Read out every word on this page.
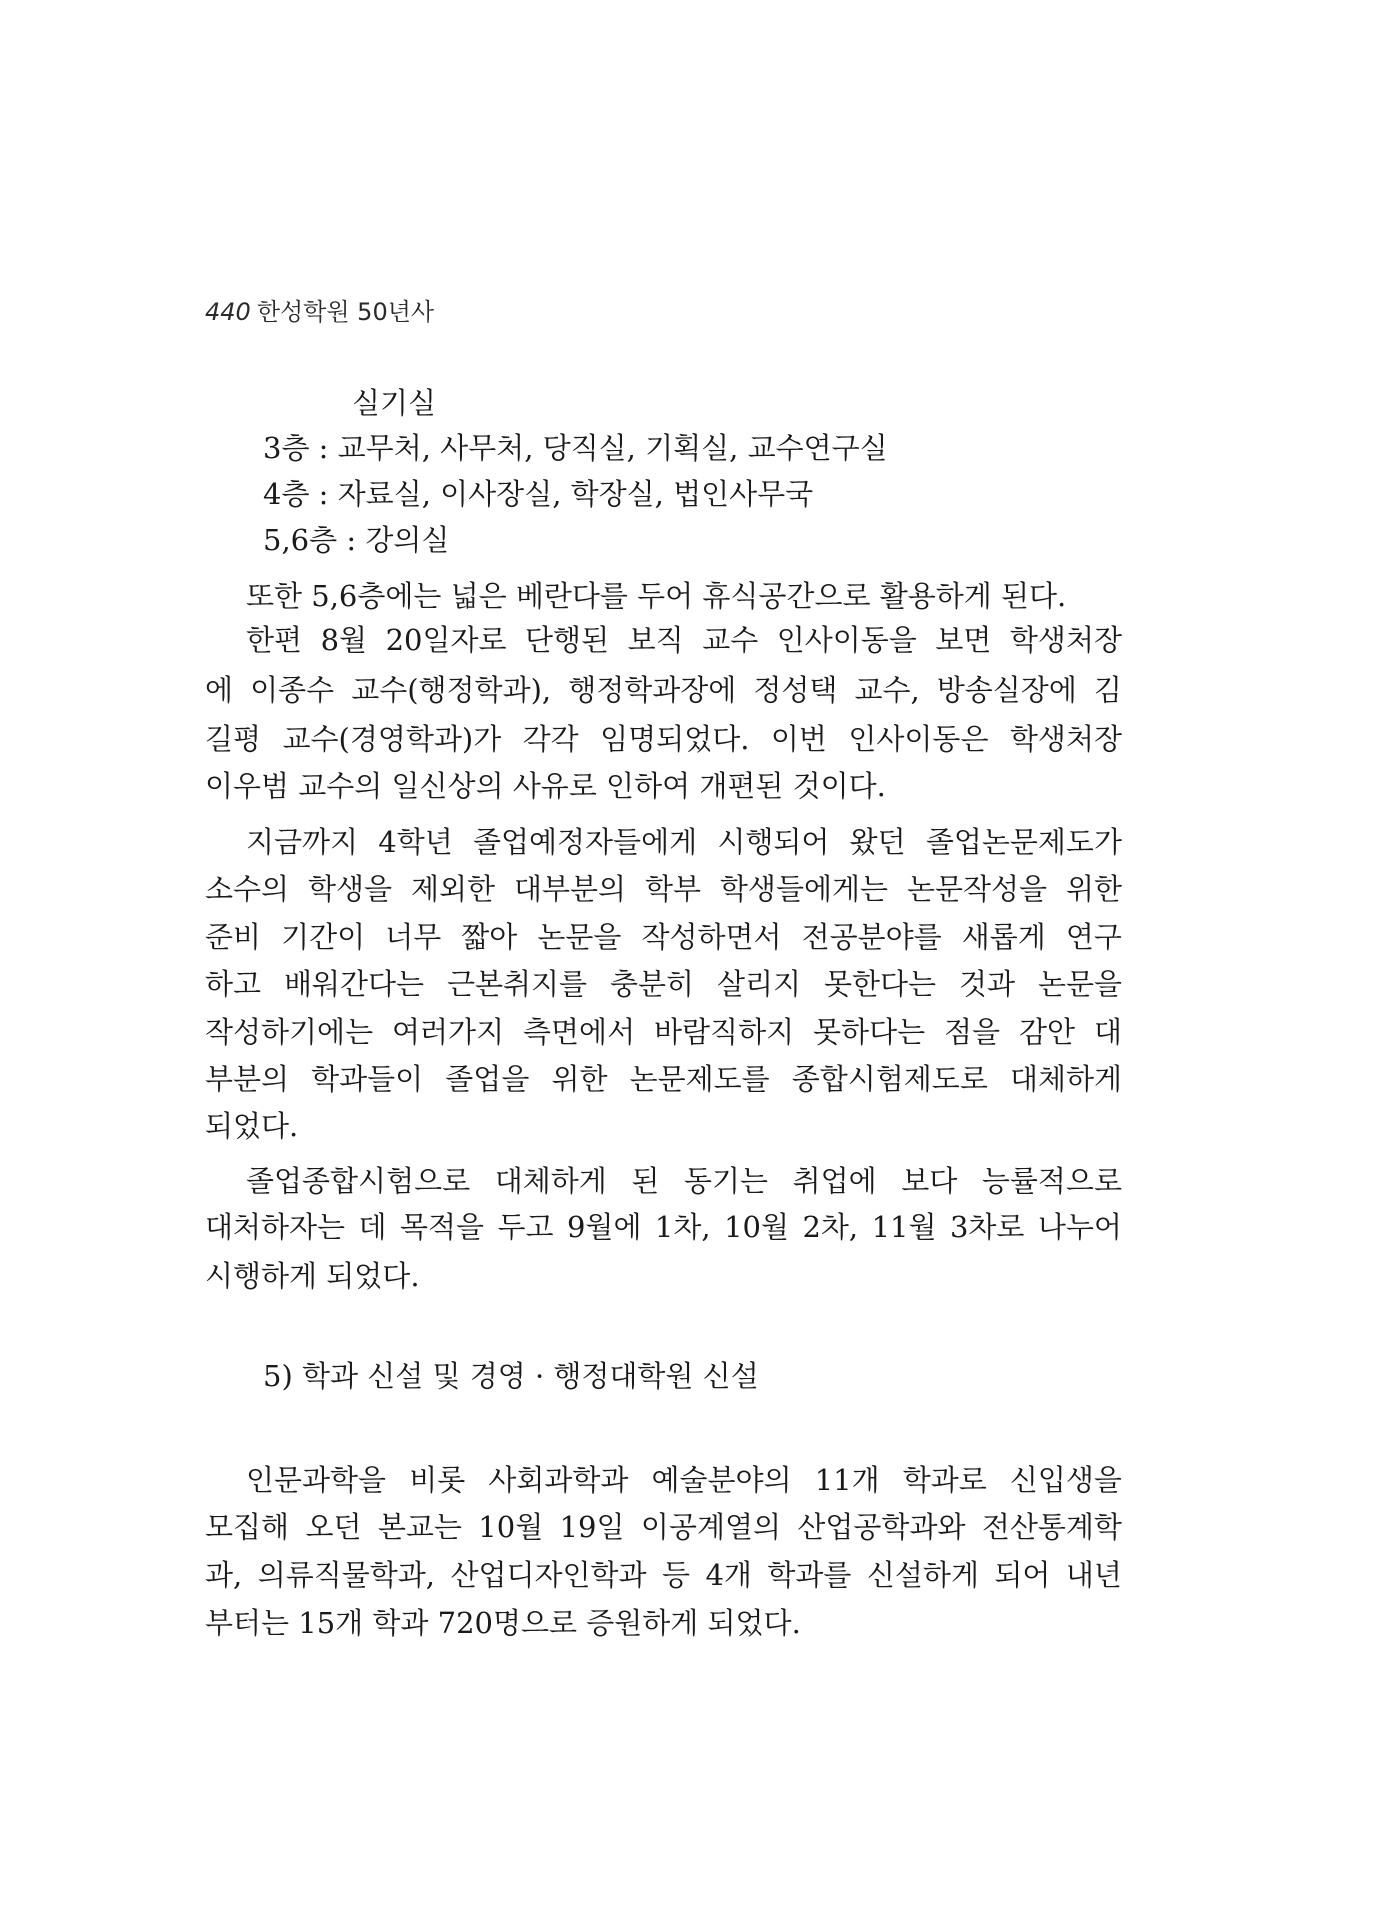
440 한성학원 50년사
실기실
3층 : 교무처, 사무처, 당직실, 기획실, 교수연구실
4층 : 자료실, 이사장실, 학장실, 법인사무국
5,6층 : 강의실
또한 5,6층에는 넓은 베란다를 두어 휴식공간으로 활용하게 된다.
한편 8월 20일자로 단행된 보직 교수 인사이동을 보면 학생처장
에 이종수 교수(행정학과), 행정학과장에 정성택 교수, 방송실장에 김
길평 교수(경영학과)가 각각 임명되었다. 이번 인사이동은 학생처장
이우범 교수의 일신상의 사유로 인하여 개편된 것이다.
지금까지 4학년 졸업예정자들에게 시행되어 왔던 졸업논문제도가
소수의 학생을 제외한 대부분의 학부 학생들에게는 논문작성을 위한
준비 기간이 너무 짧아 논문을 작성하면서 전공분야를 새롭게 연구
하고 배워간다는 근본취지를 충분히 살리지 못한다는 것과 논문을
작성하기에는 여러가지 측면에서 바람직하지 못하다는 점을 감안 대
부분의 학과들이 졸업을 위한 논문제도를 종합시험제도로 대체하게
되었다.
졸업종합시험으로 대체하게 된 동기는 취업에 보다 능률적으로
대처하자는 데 목적을 두고 9월에 1차, 10월 2차, 11월 3차로 나누어
시행하게 되었다.
5) 학과 신설 및 경영 · 행정대학원 신설
인문과학을 비롯 사회과학과 예술분야의 11개 학과로 신입생을
모집해 오던 본교는 10월 19일 이공계열의 산업공학과와 전산통계학
과, 의류직물학과, 산업디자인학과 등 4개 학과를 신설하게 되어 내년
부터는 15개 학과 720명으로 증원하게 되었다.
